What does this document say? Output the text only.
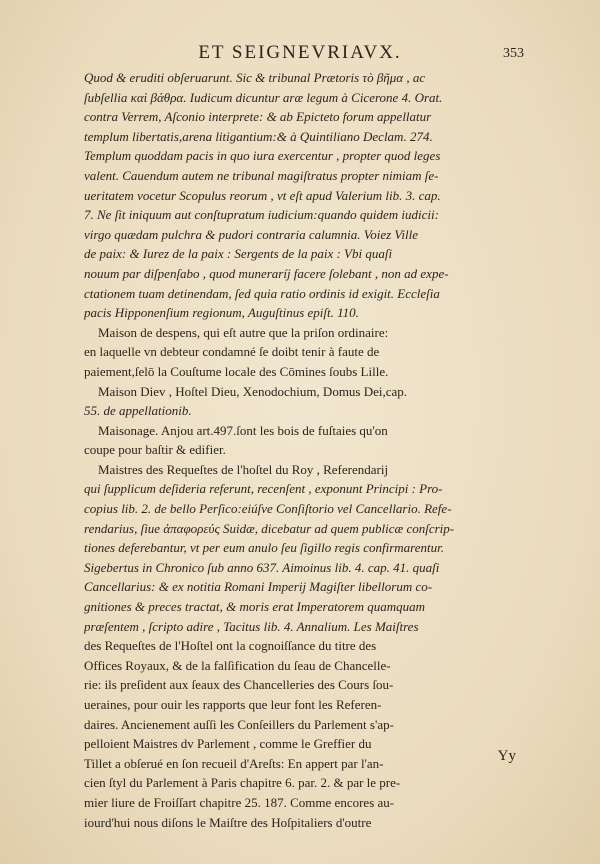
ET SEIGNEVRIAVX.	353
Quod & eruditi obſeruarunt. Sic & tribunal Prætoris τὸ βῆμα , ac
ſubſellia καὶ βάθρα. Iudicum dicuntur aræ legum à Cicerone 4. Orat.
contra Verrem, Aſconio interprete: & ab Epicteto forum appellatur
templum libertatis,arena litigantium:& à Quintiliano Declam. 274.
Templum quoddam pacis in quo iura exercentur , propter quod leges
valent. Cauendum autem ne tribunal magiſtratus propter nimiam ſe-
ueritatem vocetur Scopulus reorum , vt eſt apud Valerium lib. 3. cap.
7. Ne ſit iniquum aut conſtupratum iudicium:quando quidem iudicii:
virgo quædam pulchra & pudori contraria calumnia. Voiez Ville
de paix: & Iurez de la paix : Sergents de la paix : Vbi quaſi
nouum par diſpenſabo , quod muneraríj facere ſolebant , non ad expe-
ctationem tuam detinendam, ſed quia ratio ordinis id exigit. Eccleſia
pacis Hipponenſium regionum, Auguſtinus epiſt. 110.
Maison de despens, qui eſt autre que la priſon ordinaire:
en laquelle vn debteur condamné ſe doibt tenir à faute de
paiement,ſelō la Couſtume locale des Cōmines ſoubs Lille.
Maison Diev , Hoſtel Dieu, Xenodochium, Domus Dei,cap.
55. de appellationib.
Maisonage. Anjou art.497.ſont les bois de fuſtaies qu'on
coupe pour baſtir & edifier.
Maistres des Requeſtes de l'hoſtel du Roy , Referendarij
qui ſupplicum deſideria referunt, recenſent , exponunt Principi : Pro-
copius lib. 2. de bello Perſico:eiúſve Conſiſtorio vel Cancellario. Refe-
rendarius, ſiue ἀπαφορεύς Suidæ, dicebatur ad quem publicæ conſcrip-
tiones deferebantur, vt per eum anulo ſeu ſigillo regis confirmarentur.
Sigebertus in Chronico ſub anno 637. Aimoinus lib. 4. cap. 41. quaſi
Cancellarius: & ex notitia Romani Imperij Magiſter libellorum co-
gnitiones & preces tractat, & moris erat Imperatorem quamquam
præſentem , ſcripto adire , Tacitus lib. 4. Annalium. Les Maiſtres
des Requeſtes de l'Hoſtel ont la cognoiſſance du titre des
Offices Royaux, & de la falſification du ſeau de Chancelle-
rie: ils preſident aux ſeaux des Chancelleries des Cours ſou-
ueraines, pour ouir les rapports que leur font les Referen-
daires. Ancienement auſſi les Conſeillers du Parlement s'ap-
pelloient Maistres dv Parlement , comme le Greffier du
Tillet a obſerué en ſon recueil d'Areſts: En appert par l'an-
cien ſtyl du Parlement à Paris chapitre 6. par. 2. & par le pre-
mier liure de Froiſſart chapitre 25. 187. Comme encores au-
iourd'hui nous diſons le Maiſtre des Hoſpitaliers d'outre
Yy
